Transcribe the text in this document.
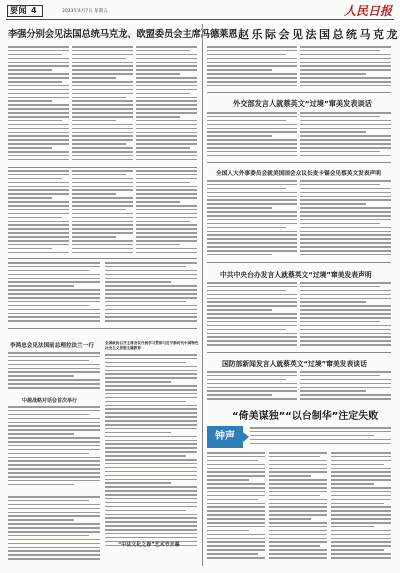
要闻 4	2023年4月7日 星期五	人民日报
李强分别会见法国总统马克龙、欧盟委员会主席冯德莱恩
李鸿忠会见法国前总理拉法兰一行	全国政协召开主席会议开展学习贯彻习近平新时代中国特色社会主义思想主题教育
中越战略对话会首次举行
“中法文化之春”艺术节开幕
赵乐际会见法国总统马克龙
外交部发言人就蔡英文“过境”窜美发表谈话
全国人大外事委员会就美国国会众议长麦卡锡会见蔡英文发表声明
中共中央台办发言人就蔡英文“过境”窜美发表声明
国防部新闻发言人就蔡英文“过境”窜美发表谈话
“倚美谋独”“以台制华”注定失败
钟声
